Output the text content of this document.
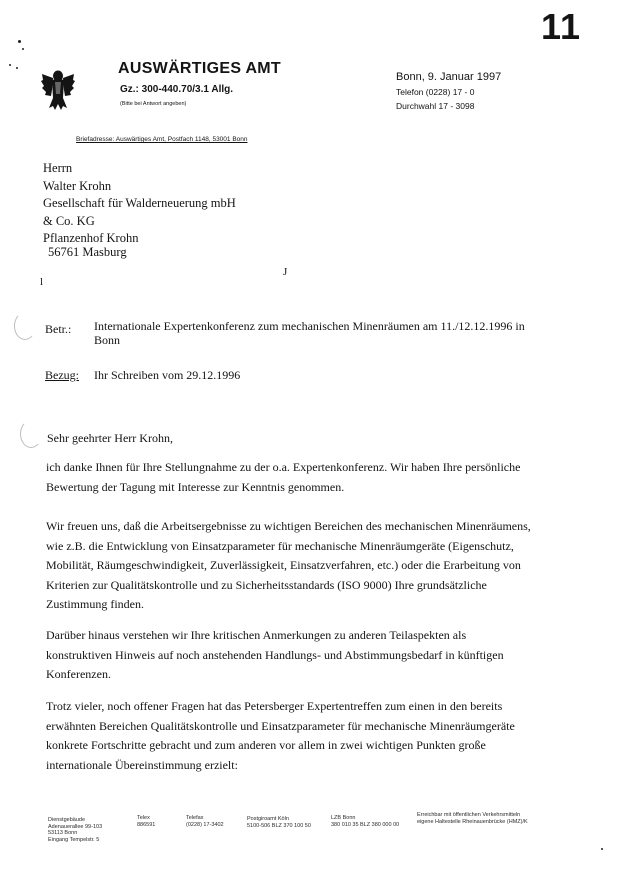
11
AUSWÄRTIGES AMT
Gz.: 300-440.70/3.1 Allg.
(Bitte bei Antwort angeben)
Bonn, 9. Januar 1997
Telefon (0228) 17 - 0
Durchwahl 17 - 3098
Briefadresse: Auswärtiges Amt, Postfach 1148, 53001 Bonn
Herrn
Walter Krohn
Gesellschaft für Walderneuerung mbH
& Co. KG
Pflanzenhof Krohn
56761 Masburg
l
J
Betr.: Internationale Expertenkonferenz zum mechanischen Minenräumen am 11./12.12.1996 in
Bonn
Bezug: Ihr Schreiben vom 29.12.1996
Sehr geehrter Herr Krohn,
ich danke Ihnen für Ihre Stellungnahme zu der o.a. Expertenkonferenz. Wir haben Ihre persönliche
Bewertung der Tagung mit Interesse zur Kenntnis genommen.
Wir freuen uns, daß die Arbeitsergebnisse zu wichtigen Bereichen des mechanischen Minenräumens,
wie z.B. die Entwicklung von Einsatzparameter für mechanische Minenräumgeräte (Eigenschutz,
Mobilität, Räumgeschwindigkeit, Zuverlässigkeit, Einsatzverfahren, etc.) oder die Erarbeitung von
Kriterien zur Qualitätskontrolle und zu Sicherheitsstandards (ISO 9000) Ihre grundsätzliche
Zustimmung finden.
Darüber hinaus verstehen wir Ihre kritischen Anmerkungen zu anderen Teilaspekten als
konstruktiven Hinweis auf noch anstehenden Handlungs- und Abstimmungsbedarf in künftigen
Konferenzen.
Trotz vieler, noch offener Fragen hat das Petersberger Expertentreffen zum einen in den bereits
erwähnten Bereichen Qualitätskontrolle und Einsatzparameter für mechanische Minenräumgeräte
konkrete Fortschritte gebracht und zum anderen vor allem in zwei wichtigen Punkten große
internationale Übereinstimmung erzielt:
Dienstgebäude
Adenauerallee 99-103
53113 Bonn
Eingang Tempelstr. 5
Telex
886591
Telefax
(0228) 17-3402
Postgiroamt Köln
5100-506 BLZ 370 100 50
LZB Bonn
380 010 35 BLZ 380 000 00
Erreichbar mit öffentlichen Verkehrsmitteln
eigene Haltestelle Rheinauenbrücke (HMZ)/K
